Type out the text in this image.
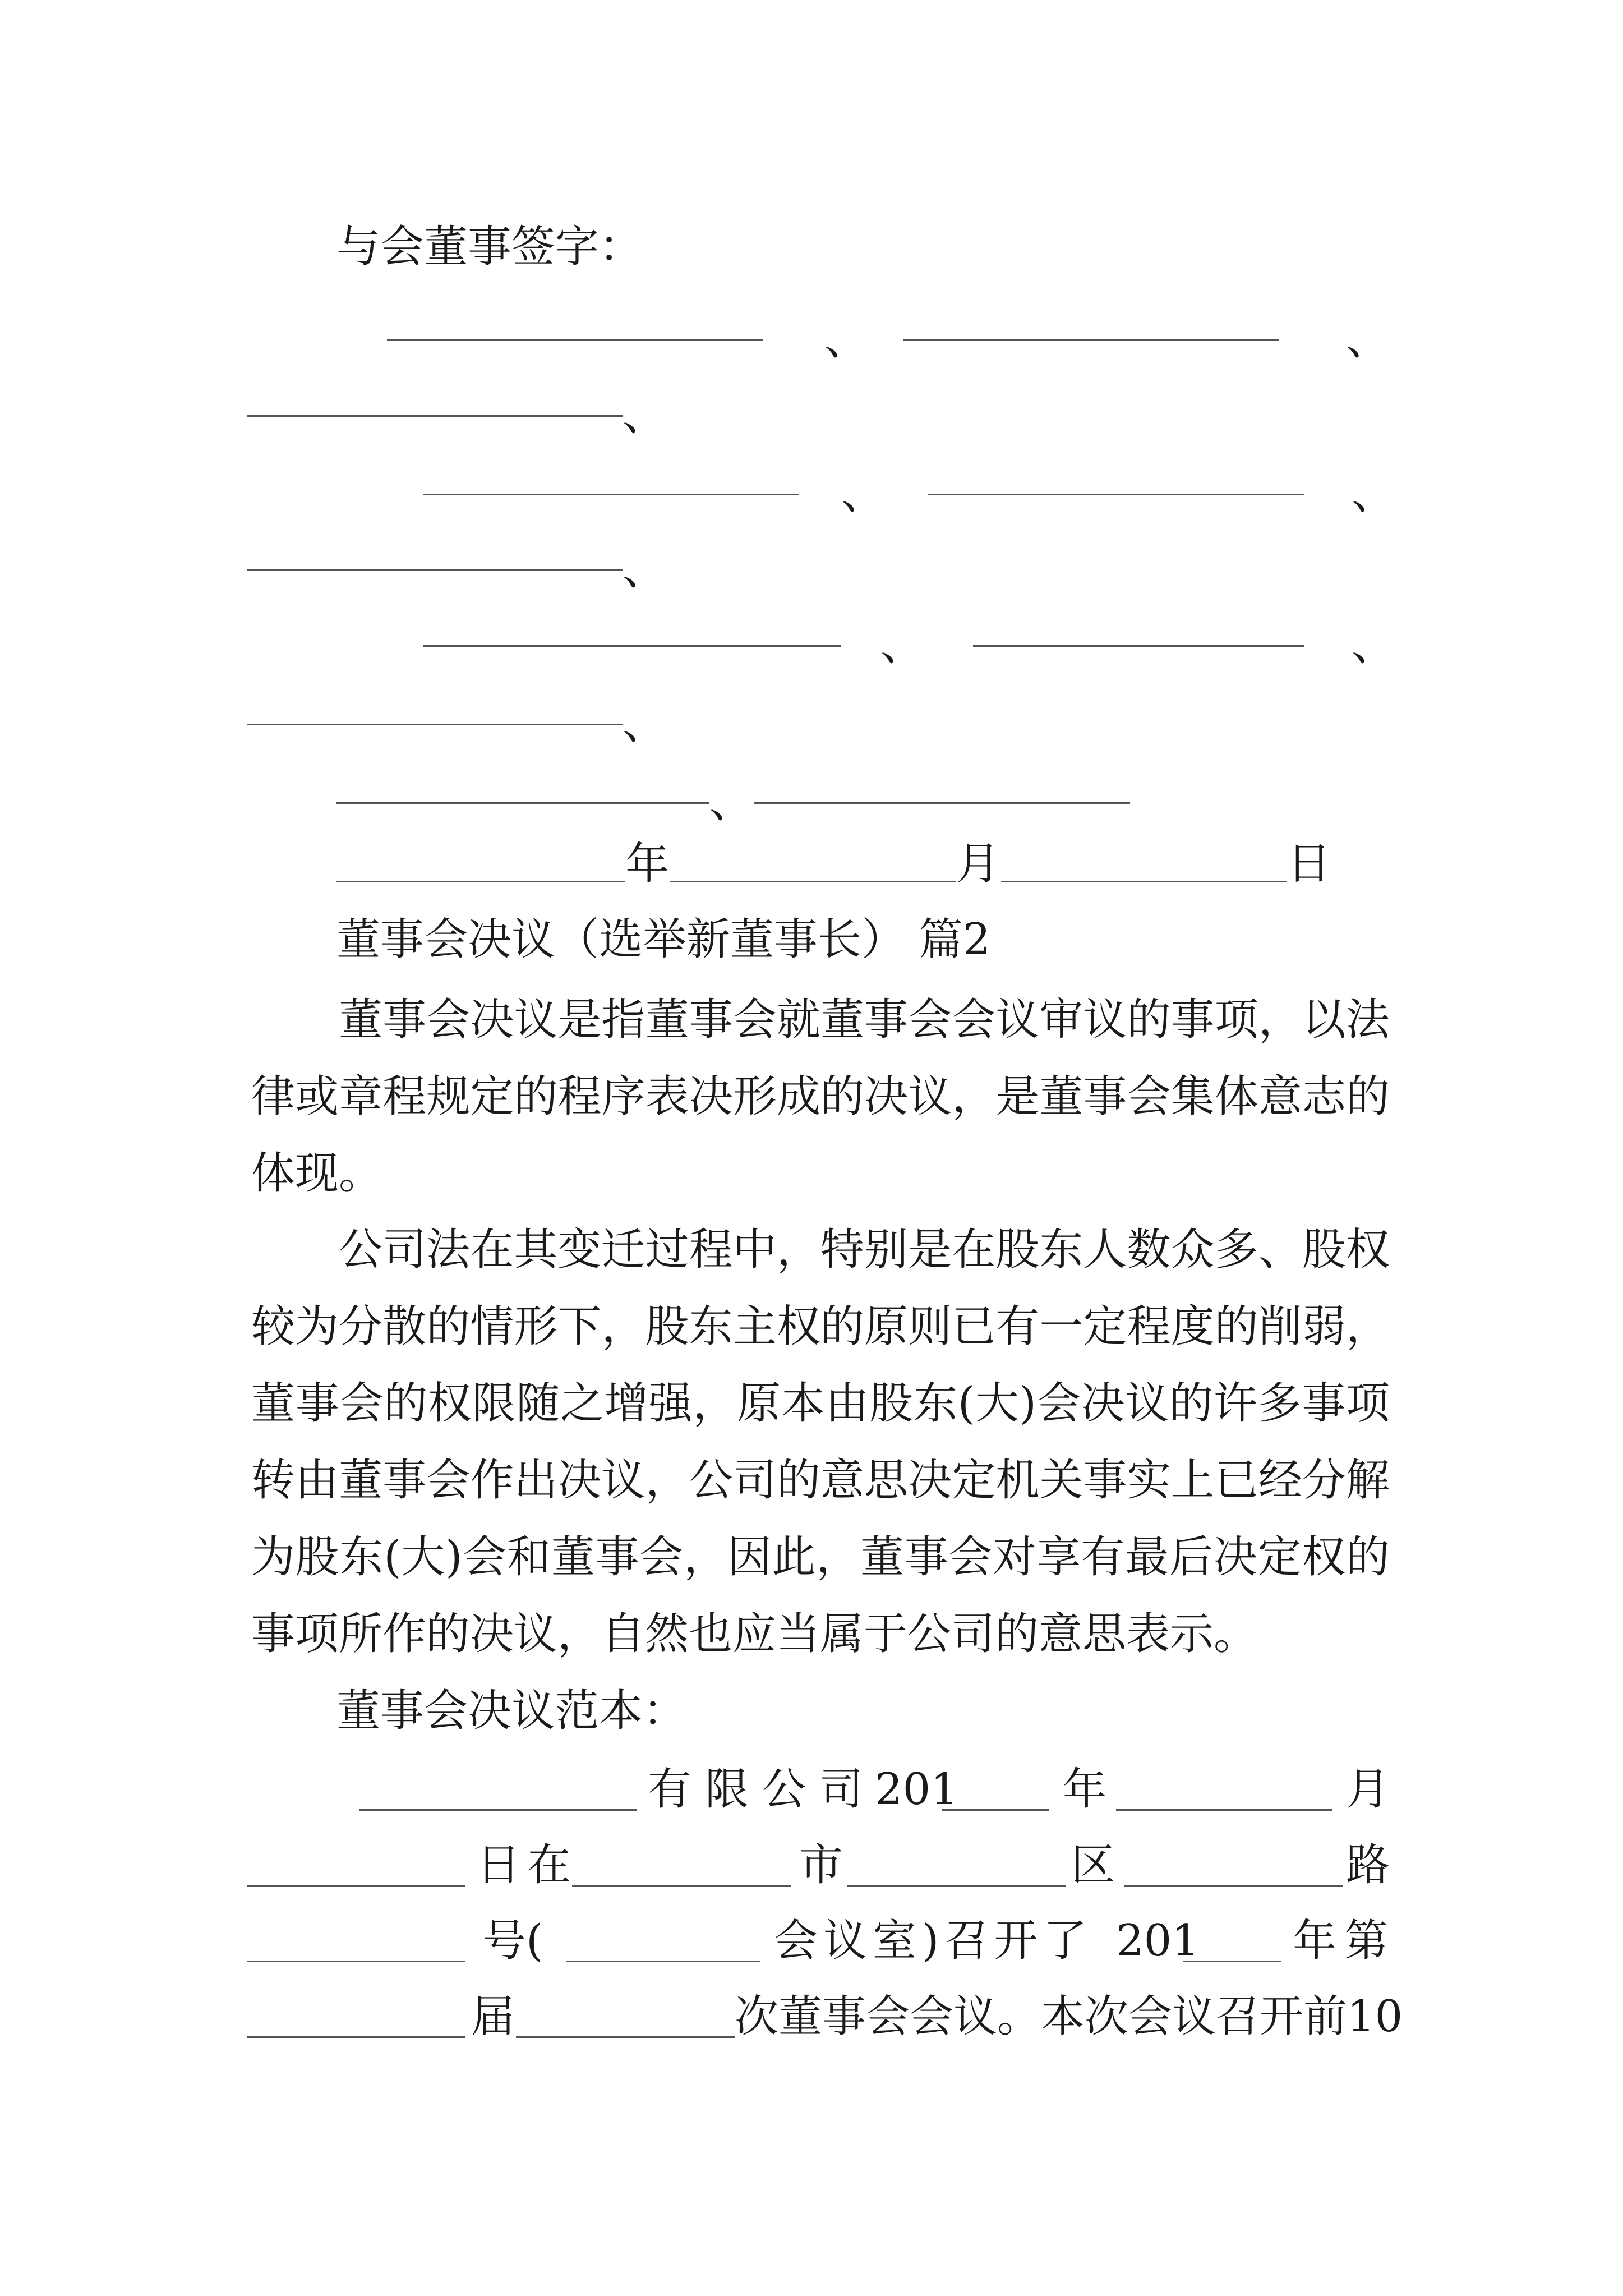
与会董事签字：
、	、
、
、	、
、
、	、
、
、
年	月	日
董事会决议（选举新董事长） 篇2
董事会决议是指董事会就董事会会议审议的事项，以法律或章程规定的程序表决形成的决议，是董事会集体意志的体现。
公司法在其变迁过程中，特别是在股东人数众多、股权较为分散的情形下，股东主权的原则已有一定程度的削弱，董事会的权限随之增强，原本由股东(大)会决议的许多事项转由董事会作出决议，公司的意思决定机关事实上已经分解为股东(大)会和董事会，因此，董事会对享有最后决定权的事项所作的决议，自然也应当属于公司的意思表示。
董事会决议范本：
有限公司
201 年	月
日在	市	区	路
号(	会议室)召开了 201 年第
届	次董事会会议。本次会议召开前10
